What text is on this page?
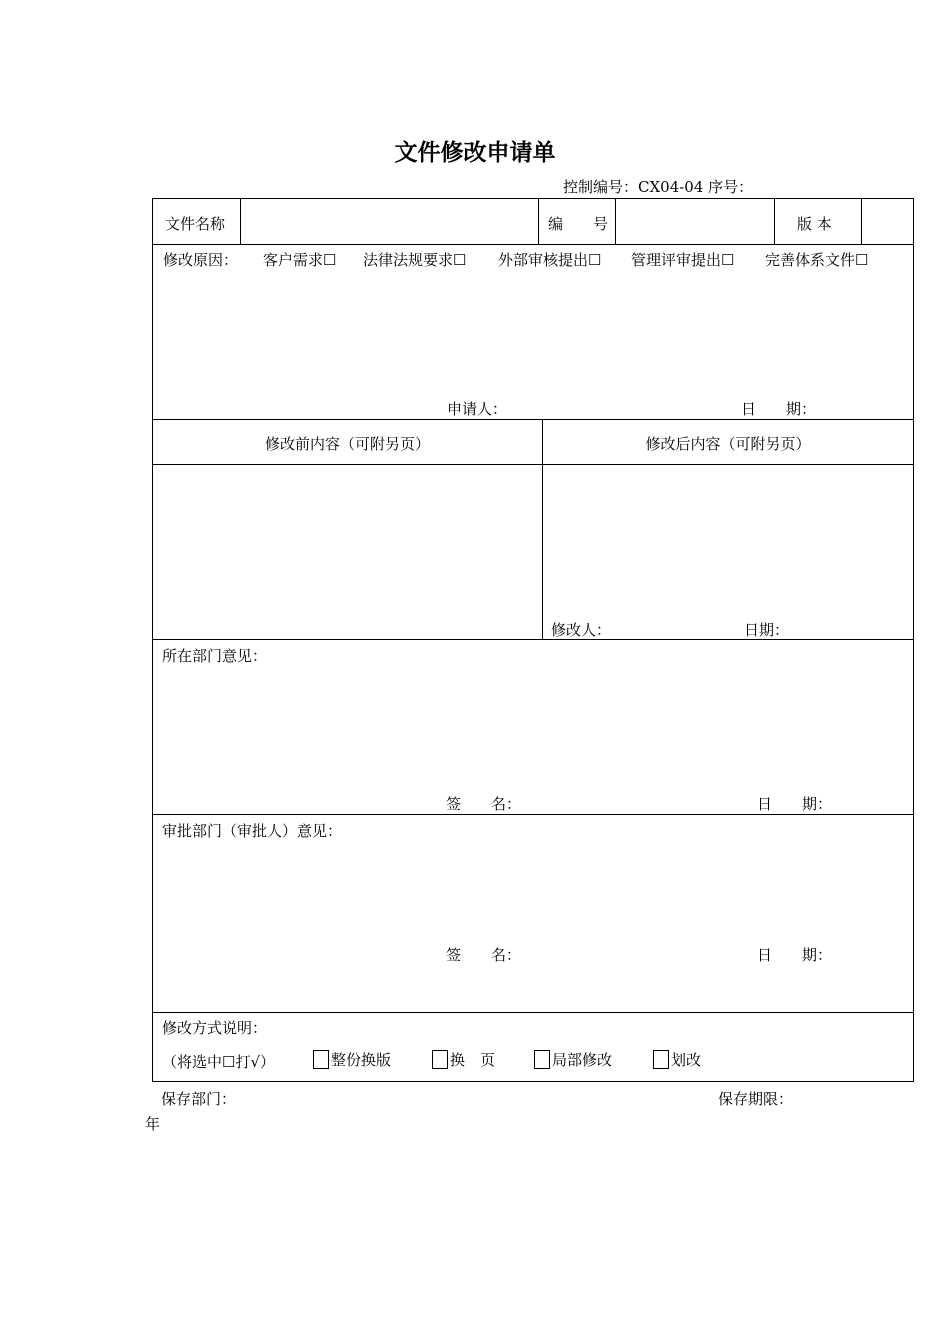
文件修改申请单
控制编号：CX04-04 序号：
文件名称	编　　号	版 本
修改原因： 客户需求☐ 法律法规要求☐ 外部审核提出☐ 管理评审提出☐ 完善体系文件☐
申请人：	日　　期：
修改前内容（可附另页）	修改后内容（可附另页）
修改人：	日期：
所在部门意见：
签　　名：	日　　期：
审批部门（审批人）意见：
签　　名：	日　　期：
修改方式说明：
（将选中☐打√）	整份换版	换　页	局部修改	划改
保存部门：	保存期限：
年
